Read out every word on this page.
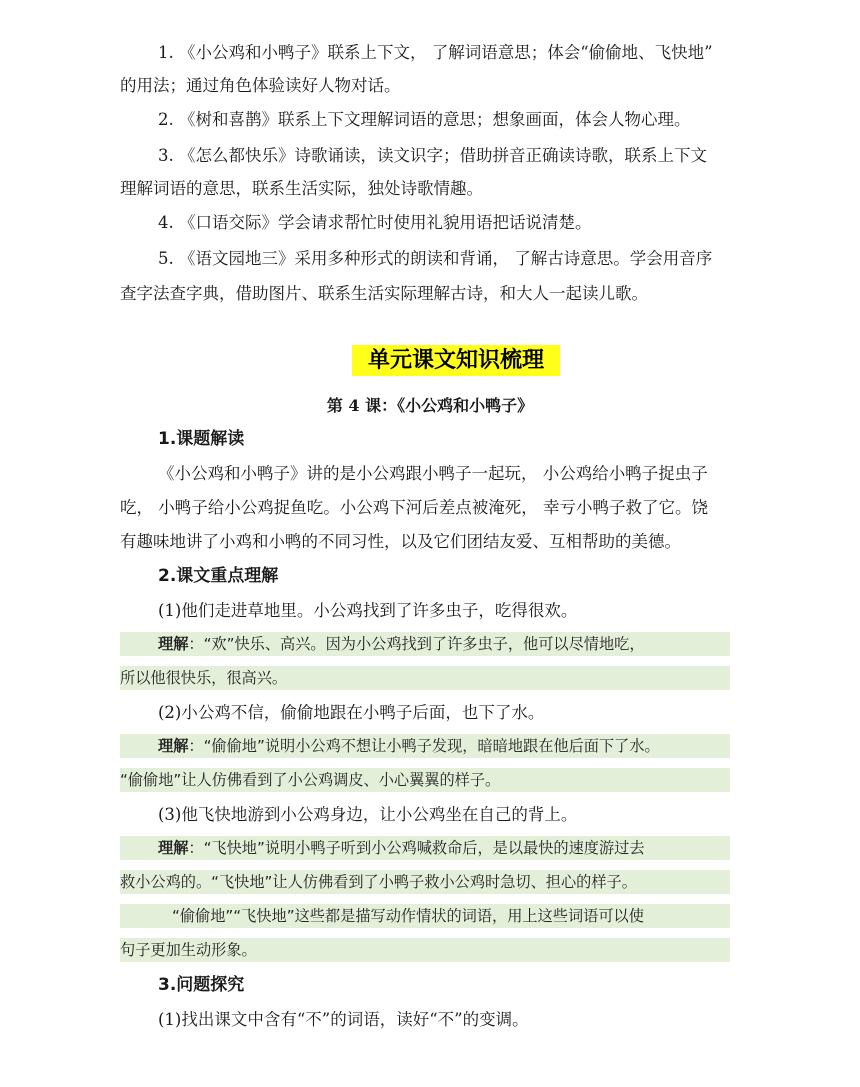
1. 《小公鸡和小鸭子》联系上下文， 了解词语意思；体会“偷偷地、飞快地”
的用法；通过角色体验读好人物对话。
2. 《树和喜鹊》联系上下文理解词语的意思；想象画面，体会人物心理。
3. 《怎么都快乐》诗歌诵读，读文识字；借助拼音正确读诗歌，联系上下文
理解词语的意思，联系生活实际，独处诗歌情趣。
4. 《口语交际》学会请求帮忙时使用礼貌用语把话说清楚。
5. 《语文园地三》采用多种形式的朗读和背诵， 了解古诗意思。学会用音序
查字法查字典，借助图片、联系生活实际理解古诗，和大人一起读儿歌。
单元课文知识梳理
第 4 课：《小公鸡和小鸭子》
1.课题解读
《小公鸡和小鸭子》讲的是小公鸡跟小鸭子一起玩， 小公鸡给小鸭子捉虫子
吃， 小鸭子给小公鸡捉鱼吃。小公鸡下河后差点被淹死， 幸亏小鸭子救了它。饶
有趣味地讲了小鸡和小鸭的不同习性，以及它们团结友爱、互相帮助的美德。
2.课文重点理解
(1)他们走进草地里。小公鸡找到了许多虫子，吃得很欢。
理解：“欢”快乐、高兴。因为小公鸡找到了许多虫子，他可以尽情地吃，
所以他很快乐，很高兴。
(2)小公鸡不信，偷偷地跟在小鸭子后面，也下了水。
理解：“偷偷地”说明小公鸡不想让小鸭子发现，暗暗地跟在他后面下了水。
“偷偷地”让人仿佛看到了小公鸡调皮、小心翼翼的样子。
(3)他飞快地游到小公鸡身边，让小公鸡坐在自己的背上。
理解：“飞快地”说明小鸭子听到小公鸡喊救命后，是以最快的速度游过去
救小公鸡的。“飞快地”让人仿佛看到了小鸭子救小公鸡时急切、担心的样子。
“偷偷地”“飞快地”这些都是描写动作情状的词语，用上这些词语可以使
句子更加生动形象。
3.问题探究
(1)找出课文中含有“不”的词语，读好“不”的变调。
